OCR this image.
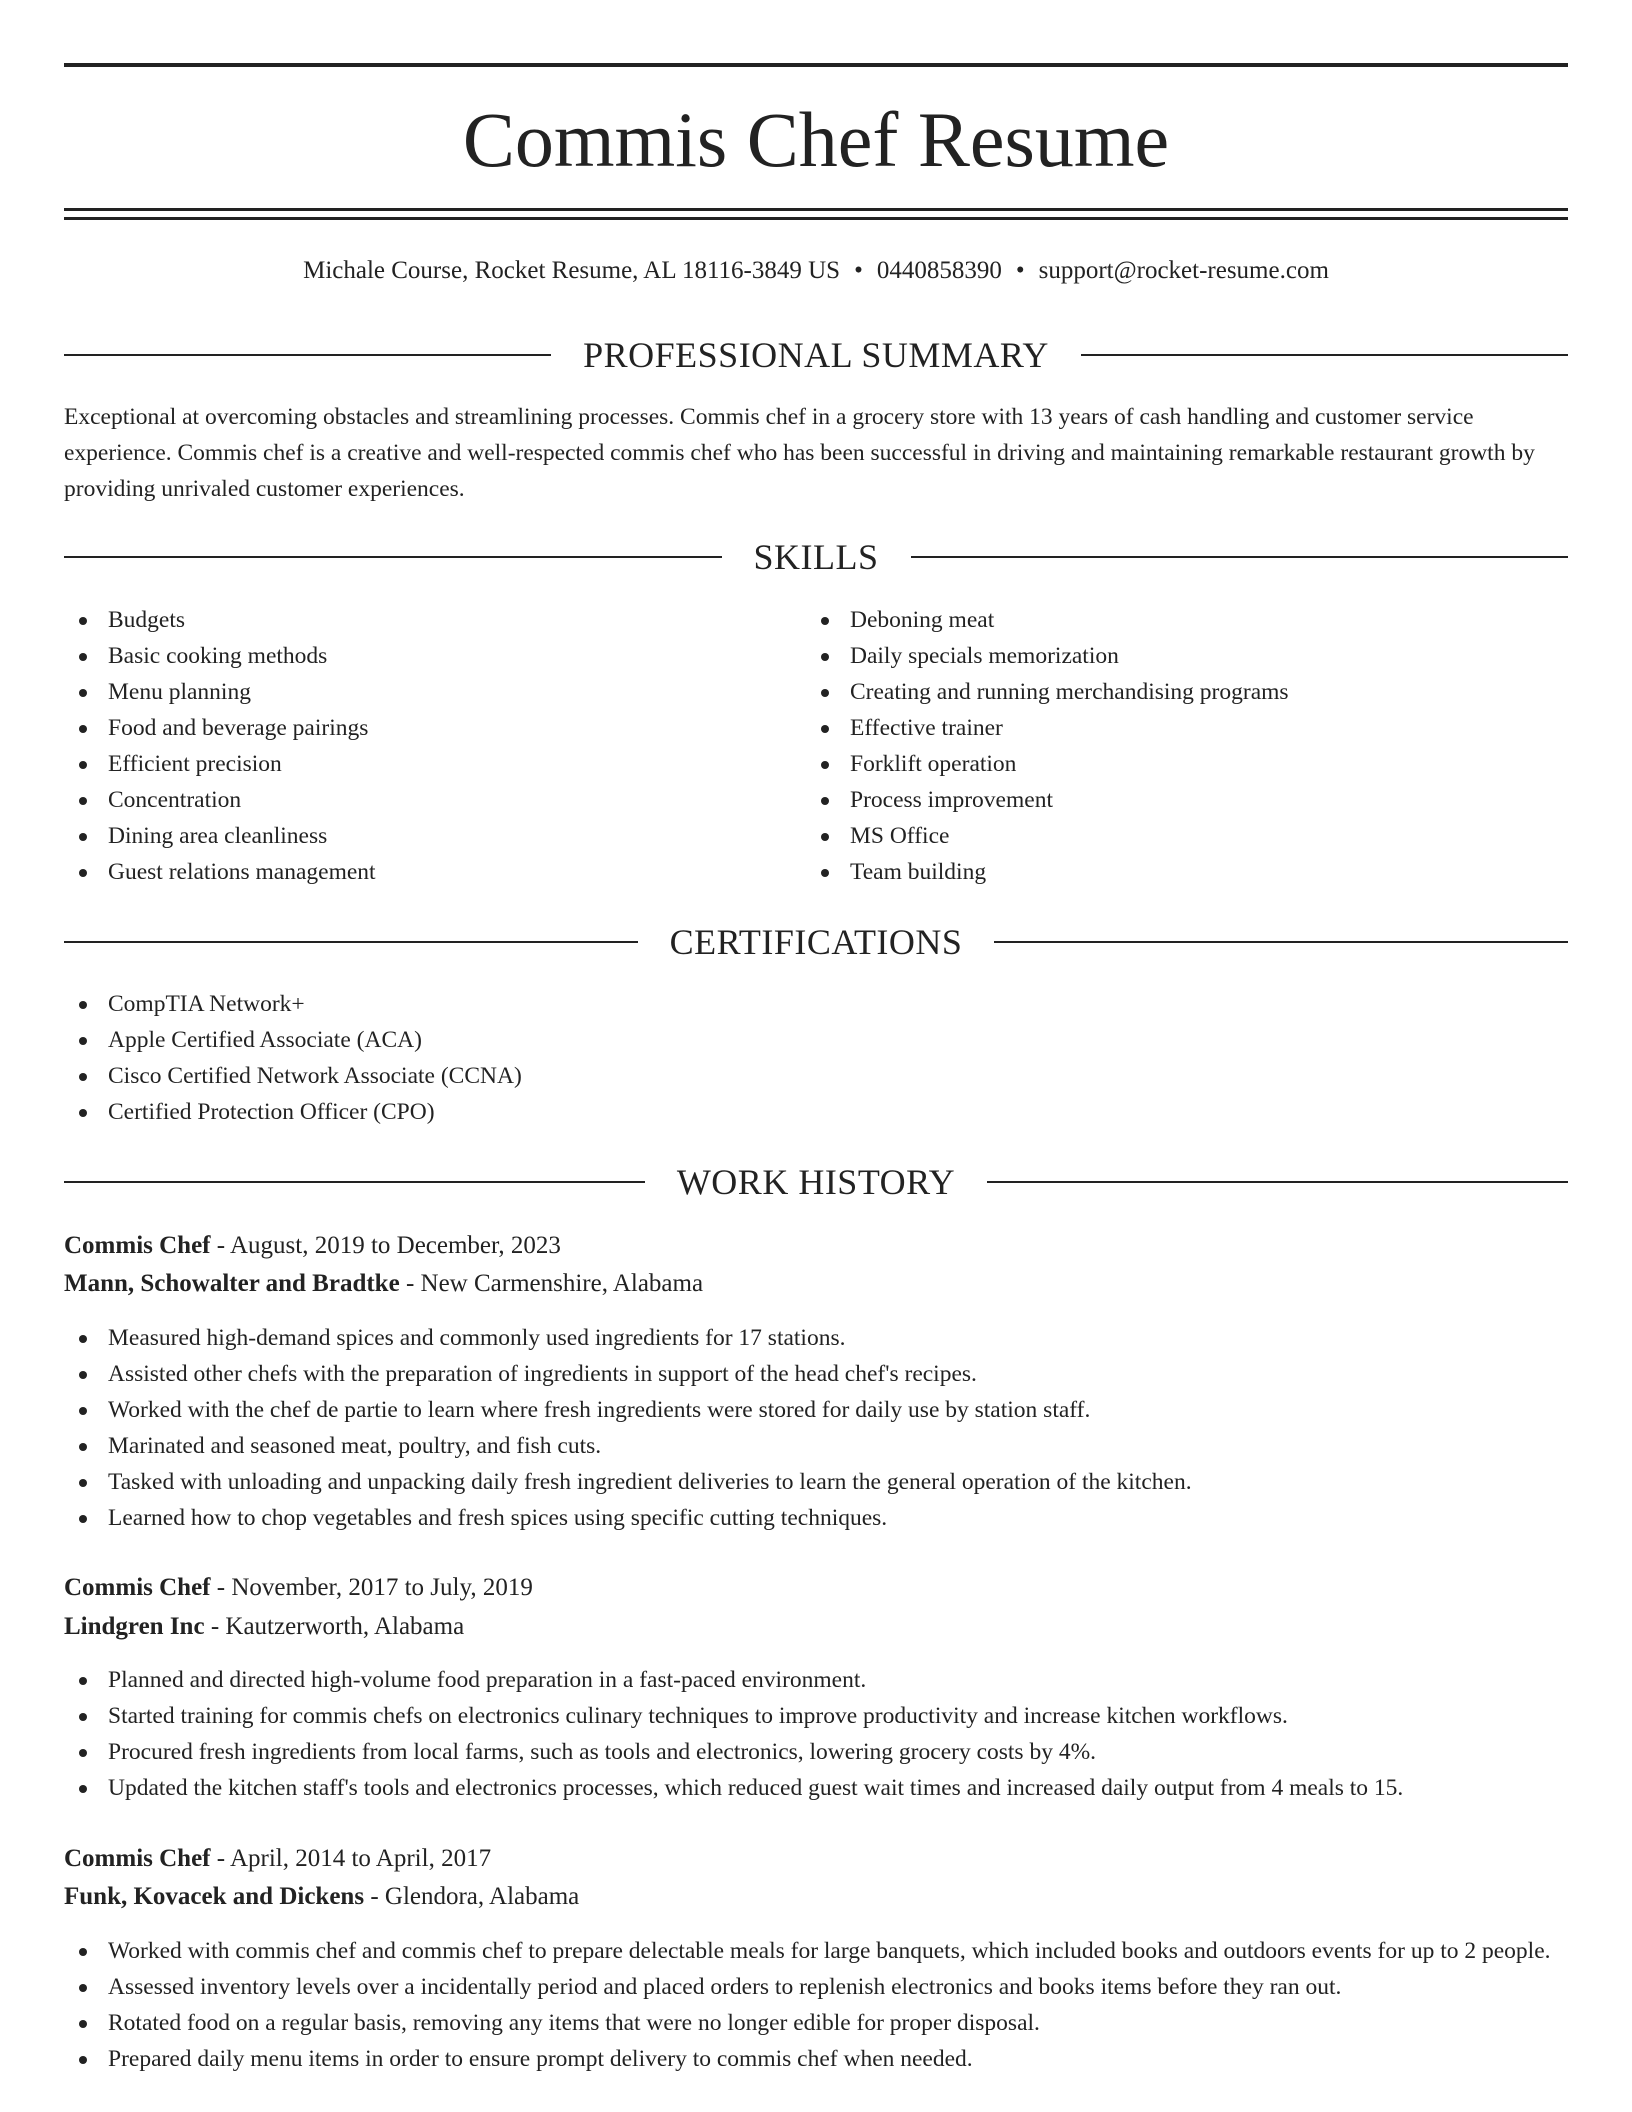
Commis Chef Resume
Michale Course, Rocket Resume, AL 18116-3849 US • 0440858390 • support@rocket-resume.com
PROFESSIONAL SUMMARY

Exceptional at overcoming obstacles and streamlining processes. Commis chef in a grocery store with 13 years of cash handling and customer service experience. Commis chef is a creative and well-respected commis chef who has been successful in driving and maintaining remarkable restaurant growth by providing unrivaled customer experiences.

SKILLS
Budgets
Basic cooking methods
Menu planning
Food and beverage pairings
Efficient precision
Concentration
Dining area cleanliness
Guest relations management
Deboning meat
Daily specials memorization
Creating and running merchandising programs
Effective trainer
Forklift operation
Process improvement
MS Office
Team building
CERTIFICATIONS
CompTIA Network+
Apple Certified Associate (ACA)
Cisco Certified Network Associate (CCNA)
Certified Protection Officer (CPO)
WORK HISTORY
Commis Chef - August, 2019 to December, 2023
Mann, Schowalter and Bradtke - New Carmenshire, Alabama
Measured high-demand spices and commonly used ingredients for 17 stations.
Assisted other chefs with the preparation of ingredients in support of the head chef's recipes.
Worked with the chef de partie to learn where fresh ingredients were stored for daily use by station staff.
Marinated and seasoned meat, poultry, and fish cuts.
Tasked with unloading and unpacking daily fresh ingredient deliveries to learn the general operation of the kitchen.
Learned how to chop vegetables and fresh spices using specific cutting techniques.
Commis Chef - November, 2017 to July, 2019
Lindgren Inc - Kautzerworth, Alabama
Planned and directed high-volume food preparation in a fast-paced environment.
Started training for commis chefs on electronics culinary techniques to improve productivity and increase kitchen workflows.
Procured fresh ingredients from local farms, such as tools and electronics, lowering grocery costs by 4%.
Updated the kitchen staff's tools and electronics processes, which reduced guest wait times and increased daily output from 4 meals to 15.
Commis Chef - April, 2014 to April, 2017
Funk, Kovacek and Dickens - Glendora, Alabama
Worked with commis chef and commis chef to prepare delectable meals for large banquets, which included books and outdoors events for up to 2 people.
Assessed inventory levels over a incidentally period and placed orders to replenish electronics and books items before they ran out.
Rotated food on a regular basis, removing any items that were no longer edible for proper disposal.
Prepared daily menu items in order to ensure prompt delivery to commis chef when needed.
